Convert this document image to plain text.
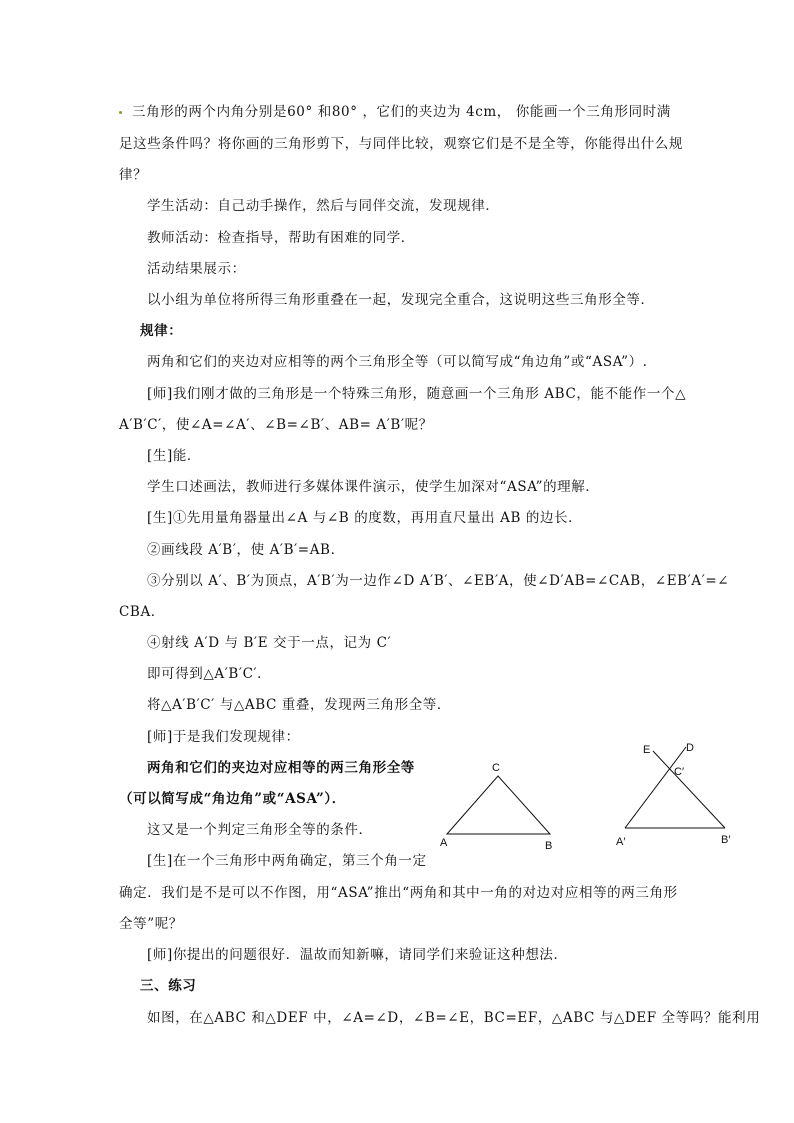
三角形的两个内角分别是60° 和80° ，它们的夹边为 4cm， 你能画一个三角形同时满
足这些条件吗？将你画的三角形剪下，与同伴比较，观察它们是不是全等，你能得出什么规
律？
学生活动：自己动手操作，然后与同伴交流，发现规律．
教师活动：检查指导，帮助有困难的同学．
活动结果展示：
以小组为单位将所得三角形重叠在一起，发现完全重合，这说明这些三角形全等．
规律：
两角和它们的夹边对应相等的两个三角形全等（可以简写成“角边角”或“ASA”）.
[师]我们刚才做的三角形是一个特殊三角形，随意画一个三角形 ABC，能不能作一个△
A′B′C′，使∠A=∠A′、∠B=∠B′、AB= A′B′呢？
[生]能．
学生口述画法，教师进行多媒体课件演示，使学生加深对“ASA”的理解．
[生]①先用量角器量出∠A 与∠B 的度数，再用直尺量出 AB 的边长．
②画线段 A′B′，使 A′B′=AB．
③分别以 A′、B′为顶点，A′B′为一边作∠D A′B′、∠EB′A，使∠D′AB=∠CAB，∠EB′A′=∠
CBA．
④射线 A′D 与 B′E 交于一点，记为 C′
即可得到△A′B′C′．
将△A′B′C′ 与△ABC 重叠，发现两三角形全等．
[师]于是我们发现规律：
两角和它们的夹边对应相等的两三角形全等
（可以简写成“角边角”或“ASA”）．
这又是一个判定三角形全等的条件．
[生]在一个三角形中两角确定，第三个角一定
确定．我们是不是可以不作图，用“ASA”推出“两角和其中一角的对边对应相等的两三角形
全等”呢？
[师]你提出的问题很好．温故而知新嘛，请同学们来验证这种想法．
三、练习
如图，在△ABC 和△DEF 中，∠A=∠D，∠B=∠E，BC=EF，△ABC 与△DEF 全等吗？能利用
C
A	B
D
E
C′
A′	B′
